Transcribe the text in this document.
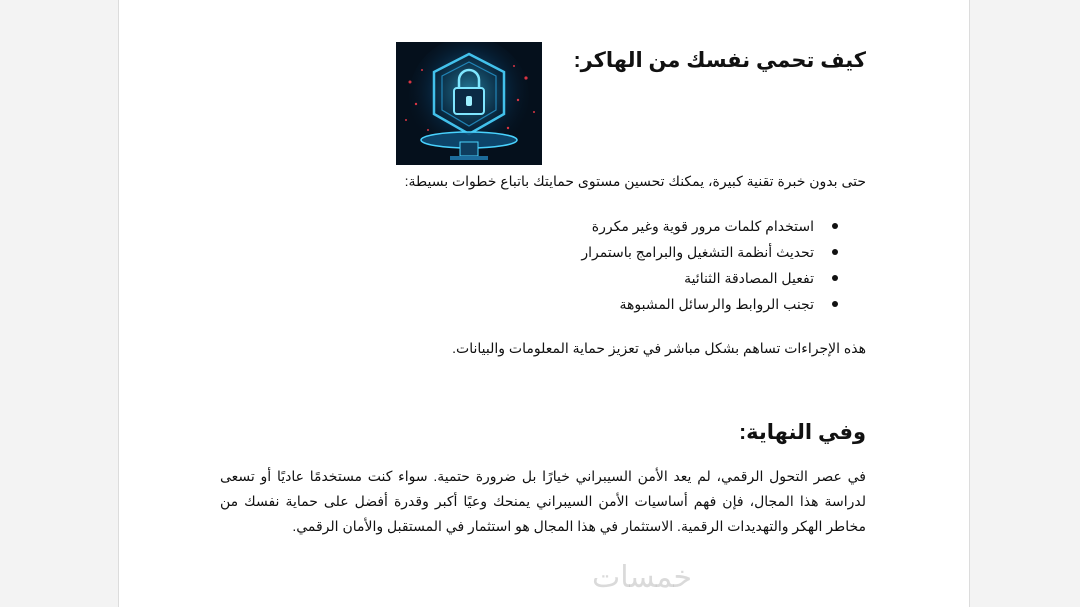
كيف تحمي نفسك من الهاكر:
حتى بدون خبرة تقنية كبيرة، يمكنك تحسين مستوى حمايتك باتباع خطوات بسيطة:
استخدام كلمات مرور قوية وغير مكررة
تحديث أنظمة التشغيل والبرامج باستمرار
تفعيل المصادقة الثنائية
تجنب الروابط والرسائل المشبوهة
هذه الإجراءات تساهم بشكل مباشر في تعزيز حماية المعلومات والبيانات.
وفي النهاية:
في عصر التحول الرقمي، لم يعد الأمن السيبراني خيارًا بل ضرورة حتمية. سواء كنت مستخدمًا عاديًا أو تسعى لدراسة هذا المجال، فإن فهم أساسيات الأمن السيبراني يمنحك وعيًا أكبر وقدرة أفضل على حماية نفسك من مخاطر الهكر والتهديدات الرقمية. الاستثمار في هذا المجال هو استثمار في المستقبل والأمان الرقمي.
خمسات
